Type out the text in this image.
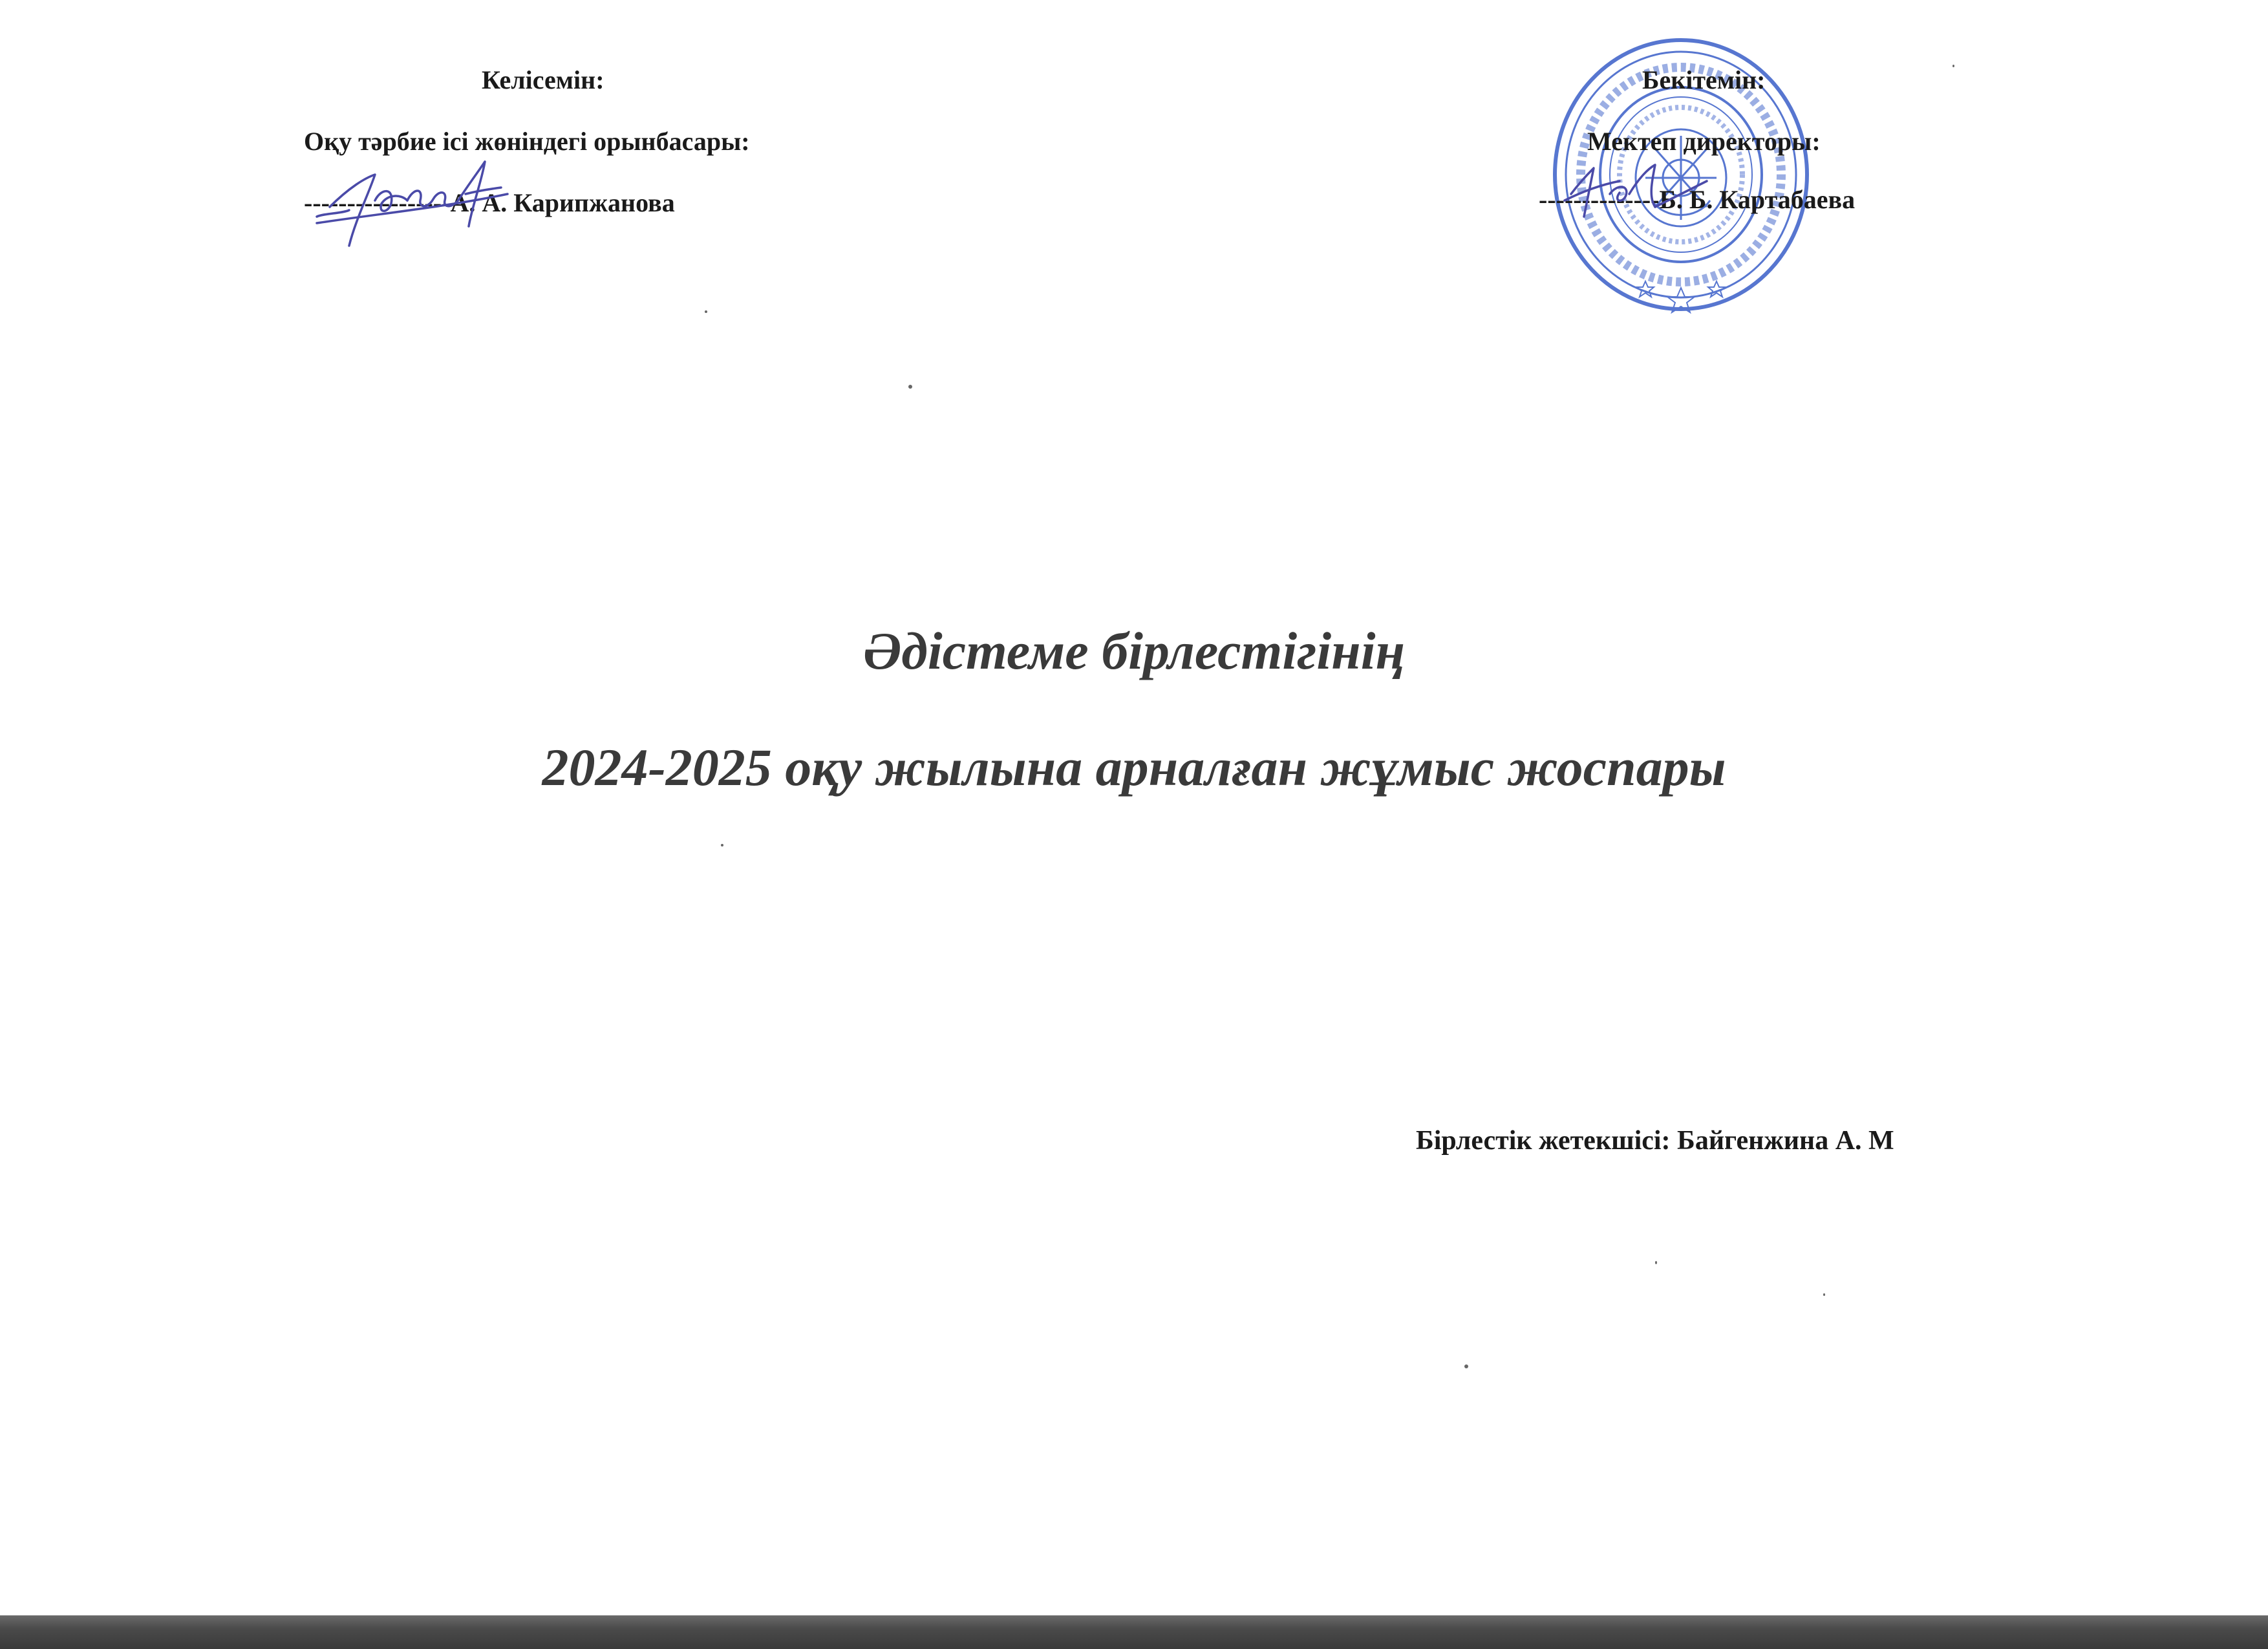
Келісемін:
Оқу тәрбие ісі жөніндегі орынбасары:
-----------------А. А. Карипжанова
Бекітемін:
Мектеп директоры:
--------------Б. Б. Картабаева
Әдістеме бірлестігінің
2024-2025 оқу жылына арналған жұмыс жоспары
Бірлестік жетекшісі: Байгенжина А. М
